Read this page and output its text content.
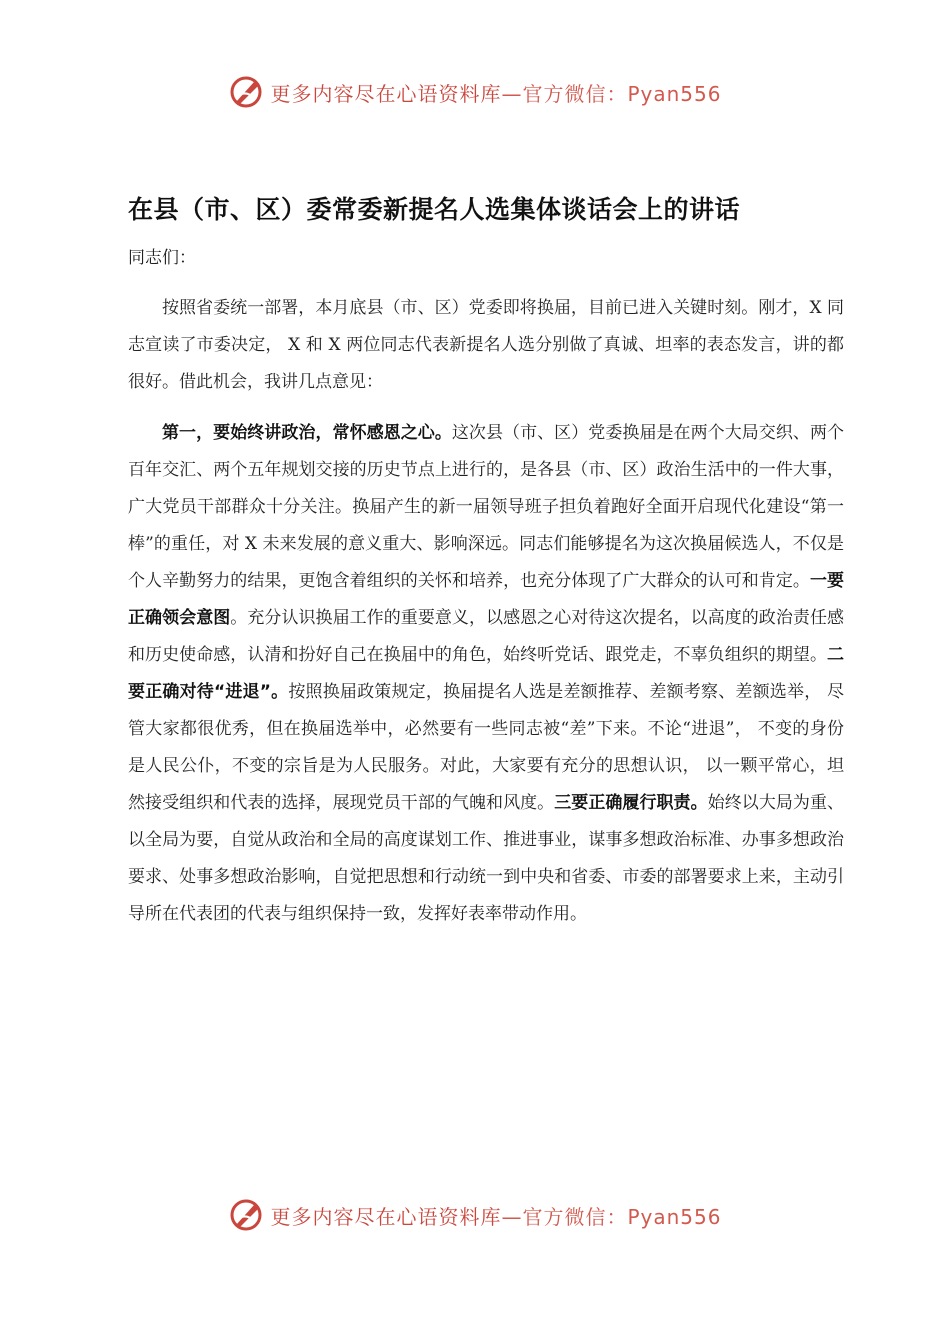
更多内容尽在心语资料库—官方微信：Pyan556
在县（市、区）委常委新提名人选集体谈话会上的讲话
同志们：

按照省委统一部署，本月底县（市、区）党委即将换届，目前已进入关键时刻。刚才，X 同志宣读了市委决定， X 和 X 两位同志代表新提名人选分别做了真诚、坦率的表态发言，讲的都很好。借此机会，我讲几点意见：

第一，要始终讲政治，常怀感恩之心。这次县（市、区）党委换届是在两个大局交织、两个百年交汇、两个五年规划交接的历史节点上进行的，是各县（市、区）政治生活中的一件大事，广大党员干部群众十分关注。换届产生的新一届领导班子担负着跑好全面开启现代化建设“第一棒”的重任，对 X 未来发展的意义重大、影响深远。同志们能够提名为这次换届候选人，不仅是个人辛勤努力的结果，更饱含着组织的关怀和培养，也充分体现了广大群众的认可和肯定。一要正确领会意图。充分认识换届工作的重要意义，以感恩之心对待这次提名，以高度的政治责任感和历史使命感，认清和扮好自己在换届中的角色，始终听党话、跟党走，不辜负组织的期望。二要正确对待“进退”。按照换届政策规定，换届提名人选是差额推荐、差额考察、差额选举， 尽管大家都很优秀，但在换届选举中，必然要有一些同志被“差”下来。不论“进退”， 不变的身份是人民公仆，不变的宗旨是为人民服务。对此，大家要有充分的思想认识， 以一颗平常心，坦然接受组织和代表的选择，展现党员干部的气魄和风度。三要正确履行职责。始终以大局为重、以全局为要，自觉从政治和全局的高度谋划工作、推进事业，谋事多想政治标准、办事多想政治要求、处事多想政治影响，自觉把思想和行动统一到中央和省委、市委的部署要求上来，主动引导所在代表团的代表与组织保持一致，发挥好表率带动作用。

更多内容尽在心语资料库—官方微信：Pyan556
